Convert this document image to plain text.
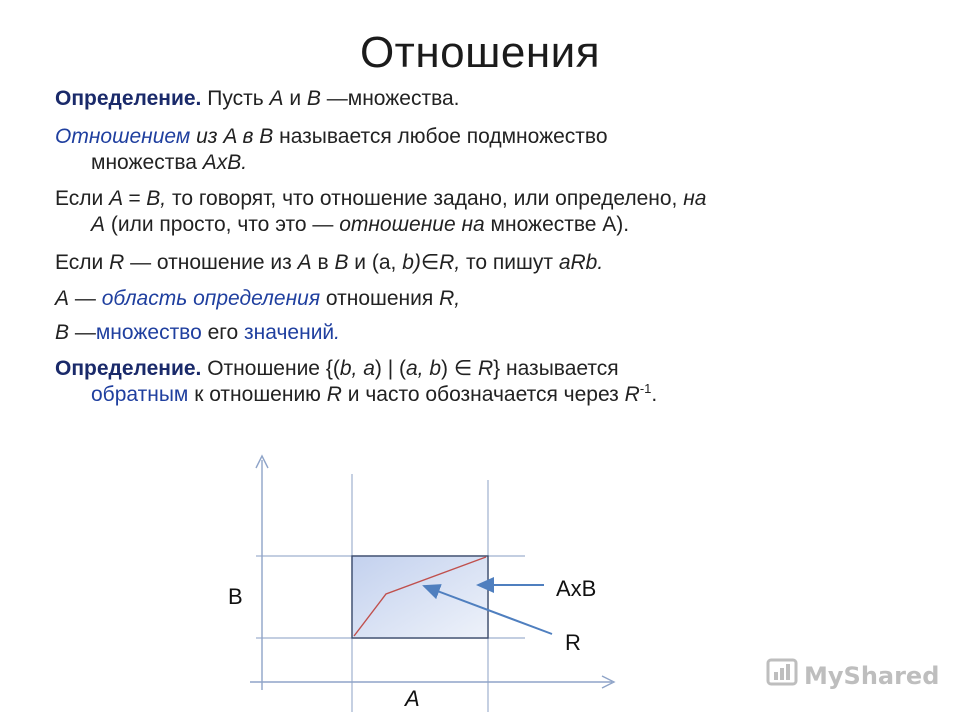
Отношения
Определение. Пусть A и B —множества.
Отношением из A в B называется любое подмножество
множества AxB.
Если A = B, то говорят, что отношение задано, или определено, на
A (или просто, что это — отношение на множестве A).
Если R — отношение из A в B и (a, b)∈R, то пишут aRb.
A — область определения отношения R,
B —множество его значений.
Определение. Отношение {(b, a) | (a, b) ∈ R} называется
обратным к отношению R и часто обозначается через $R^{-1}$.
B
A
AxB
R
MyShared
